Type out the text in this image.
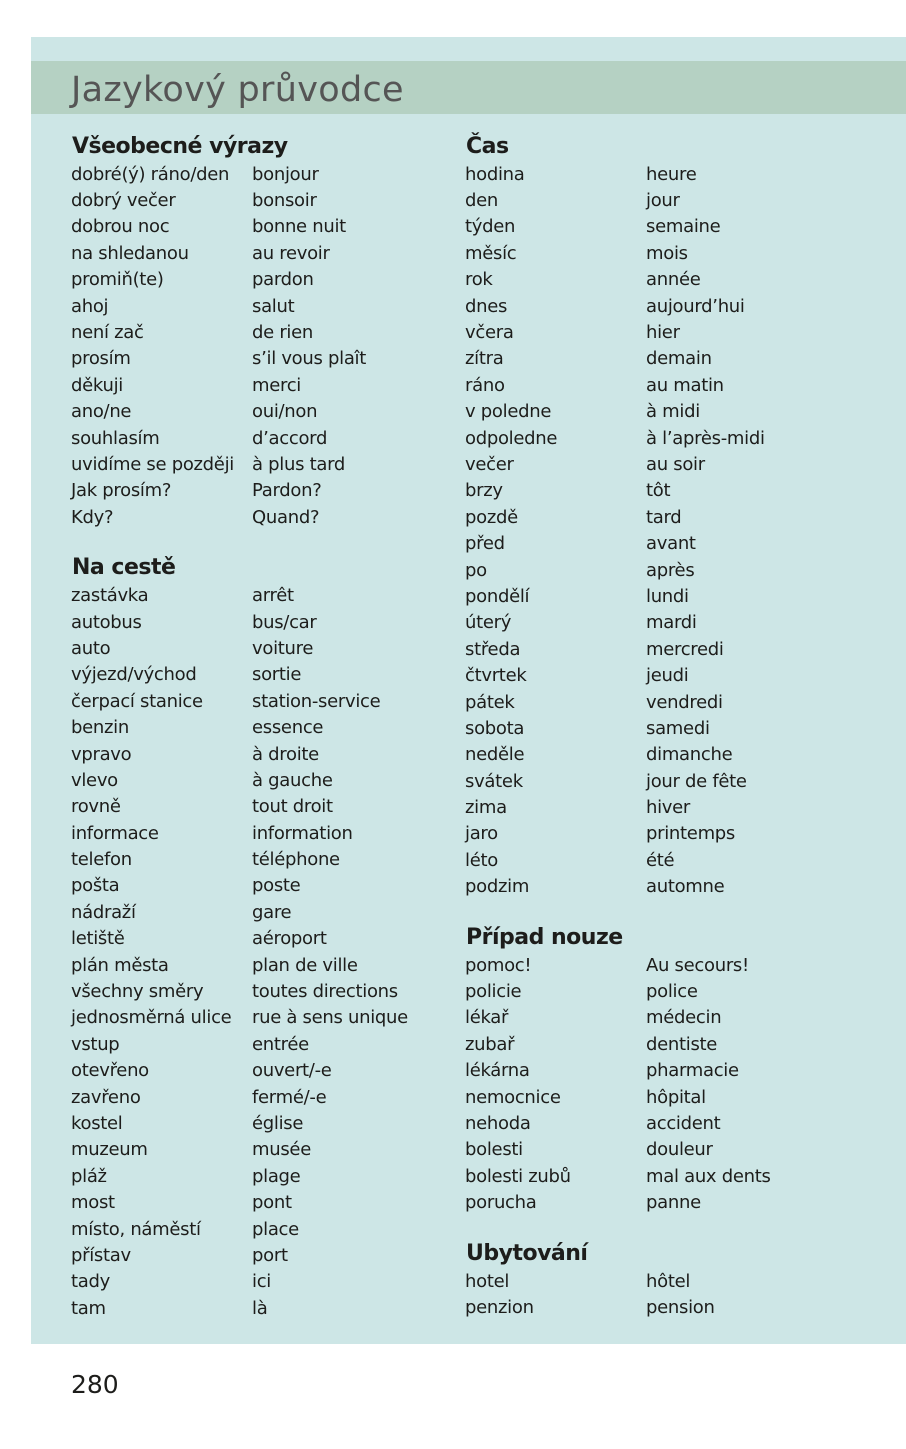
Jazykový průvodce
Všeobecné výrazy
dobré(ý) ráno/den	bonjour
dobrý večer	bonsoir
dobrou noc	bonne nuit
na shledanou	au revoir
promiň(te)	pardon
ahoj	salut
není zač	de rien
prosím	s’il vous plaît
děkuji	merci
ano/ne	oui/non
souhlasím	d’accord
uvidíme se později	à plus tard
Jak prosím?	Pardon?
Kdy?	Quand?
Na cestě
zastávka	arrêt
autobus	bus/car
auto	voiture
výjezd/východ	sortie
čerpací stanice	station-service
benzin	essence
vpravo	à droite
vlevo	à gauche
rovně	tout droit
informace	information
telefon	téléphone
pošta	poste
nádraží	gare
letiště	aéroport
plán města	plan de ville
všechny směry	toutes directions
jednosměrná ulice	rue à sens unique
vstup	entrée
otevřeno	ouvert/-e
zavřeno	fermé/-e
kostel	église
muzeum	musée
pláž	plage
most	pont
místo, náměstí	place
přístav	port
tady	ici
tam	là
Čas
hodina	heure
den	jour
týden	semaine
měsíc	mois
rok	année
dnes	aujourd’hui
včera	hier
zítra	demain
ráno	au matin
v poledne	à midi
odpoledne	à l’après-midi
večer	au soir
brzy	tôt
pozdě	tard
před	avant
po	après
pondělí	lundi
úterý	mardi
středa	mercredi
čtvrtek	jeudi
pátek	vendredi
sobota	samedi
neděle	dimanche
svátek	jour de fête
zima	hiver
jaro	printemps
léto	été
podzim	automne
Případ nouze
pomoc!	Au secours!
policie	police
lékař	médecin
zubař	dentiste
lékárna	pharmacie
nemocnice	hôpital
nehoda	accident
bolesti	douleur
bolesti zubů	mal aux dents
porucha	panne
Ubytování
hotel	hôtel
penzion	pension
280
